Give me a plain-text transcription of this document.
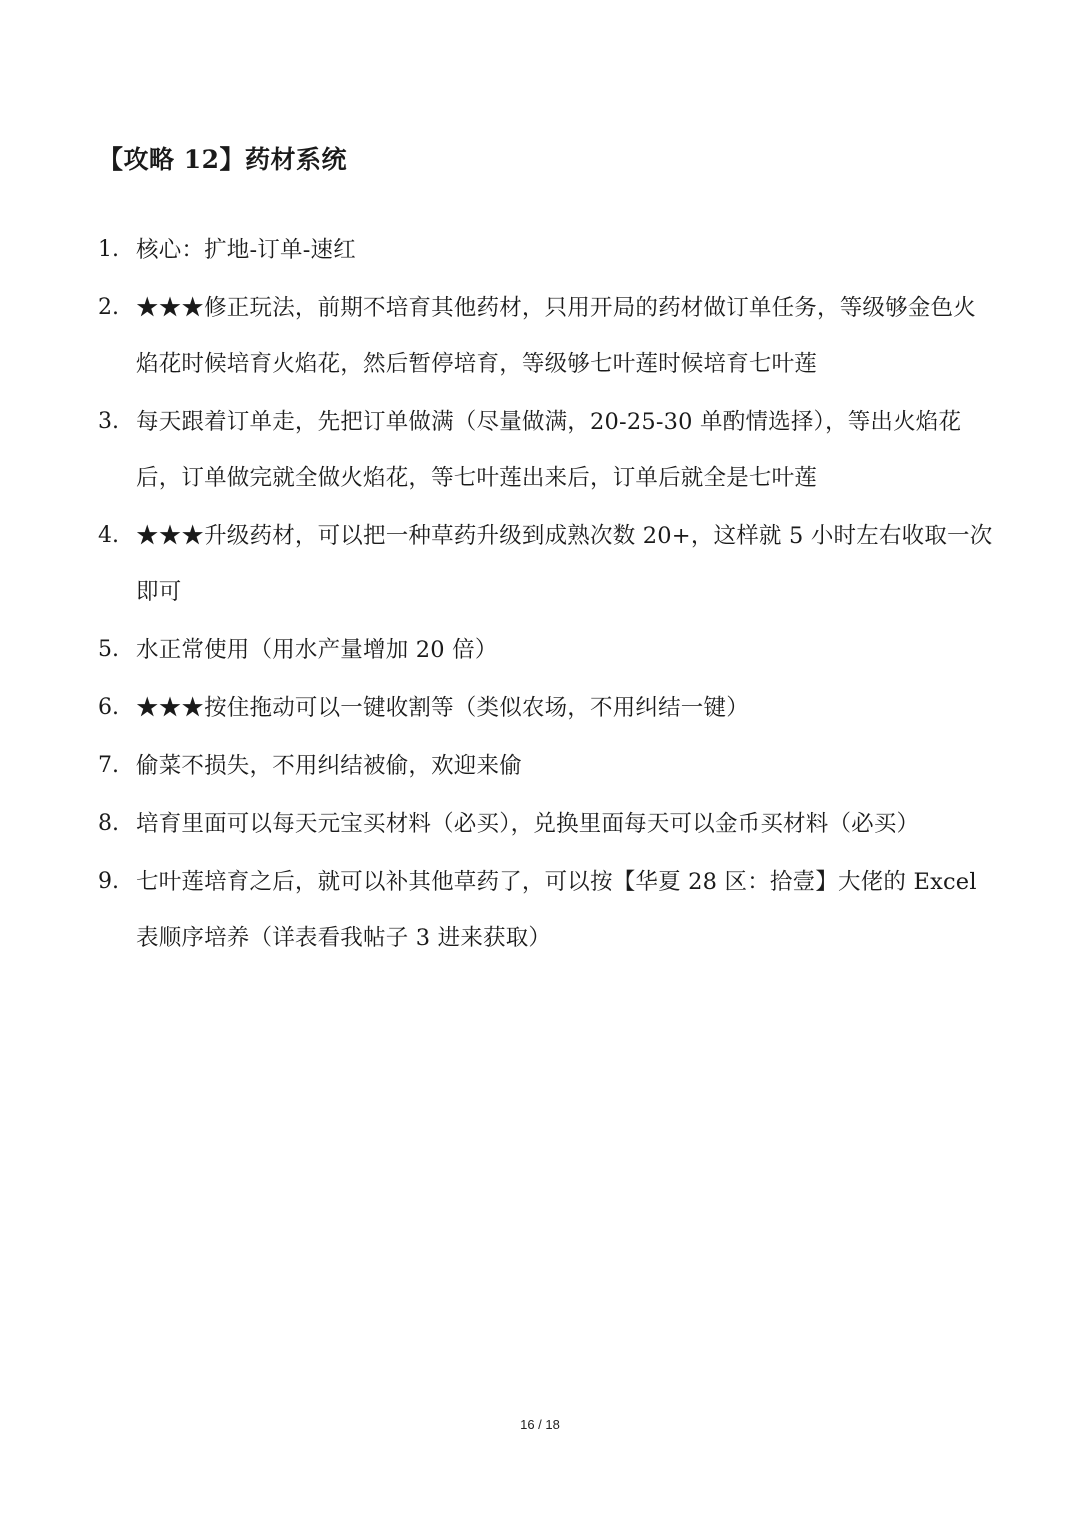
【攻略 12】药材系统
1. 核心：扩地-订单-速红
2. ★★★修正玩法，前期不培育其他药材，只用开局的药材做订单任务，等级够金色火焰花时候培育火焰花，然后暂停培育，等级够七叶莲时候培育七叶莲
3. 每天跟着订单走，先把订单做满（尽量做满，20-25-30 单酌情选择），等出火焰花后，订单做完就全做火焰花，等七叶莲出来后，订单后就全是七叶莲
4. ★★★升级药材，可以把一种草药升级到成熟次数 20+，这样就 5 小时左右收取一次即可
5. 水正常使用（用水产量增加 20 倍）
6. ★★★按住拖动可以一键收割等（类似农场，不用纠结一键）
7. 偷菜不损失，不用纠结被偷，欢迎来偷
8. 培育里面可以每天元宝买材料（必买），兑换里面每天可以金币买材料（必买）
9. 七叶莲培育之后，就可以补其他草药了，可以按【华夏 28 区：拾壹】大佬的 Excel 表顺序培养（详表看我帖子 3 进来获取）
16 / 18
